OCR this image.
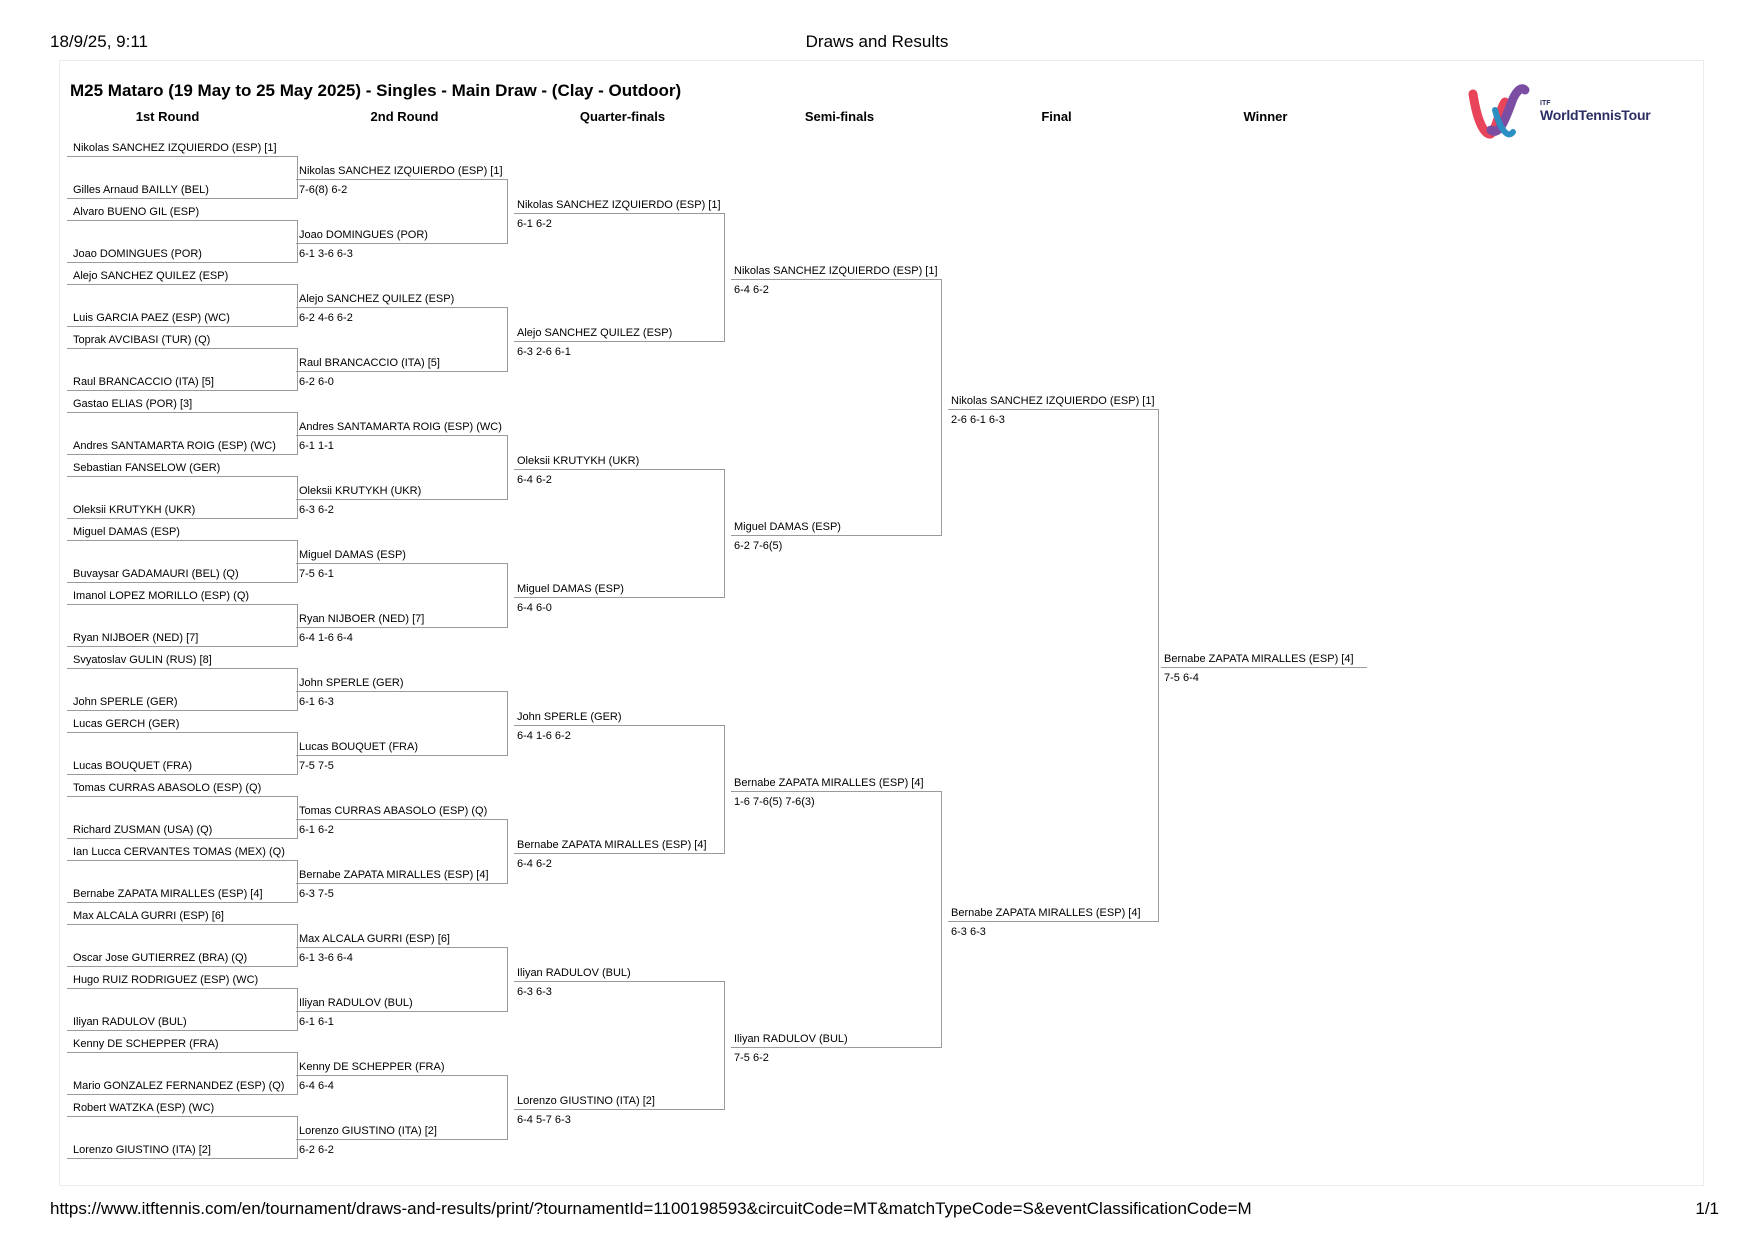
18/9/25, 9:11	Draws and Results
M25 Mataro (19 May to 25 May 2025) - Singles - Main Draw - (Clay - Outdoor)
1st Round	2nd Round	Quarter-finals	Semi-finals	Final	Winner
ITF
WorldTennisTour
Nikolas SANCHEZ IZQUIERDO (ESP) [1]
Gilles Arnaud BAILLY (BEL)
Alvaro BUENO GIL (ESP)
Joao DOMINGUES (POR)
Alejo SANCHEZ QUILEZ (ESP)
Luis GARCIA PAEZ (ESP) (WC)
Toprak AVCIBASI (TUR) (Q)
Raul BRANCACCIO (ITA) [5]
Gastao ELIAS (POR) [3]
Andres SANTAMARTA ROIG (ESP) (WC)
Sebastian FANSELOW (GER)
Oleksii KRUTYKH (UKR)
Miguel DAMAS (ESP)
Buvaysar GADAMAURI (BEL) (Q)
Imanol LOPEZ MORILLO (ESP) (Q)
Ryan NIJBOER (NED) [7]
Svyatoslav GULIN (RUS) [8]
John SPERLE (GER)
Lucas GERCH (GER)
Lucas BOUQUET (FRA)
Tomas CURRAS ABASOLO (ESP) (Q)
Richard ZUSMAN (USA) (Q)
Ian Lucca CERVANTES TOMAS (MEX) (Q)
Bernabe ZAPATA MIRALLES (ESP) [4]
Max ALCALA GURRI (ESP) [6]
Oscar Jose GUTIERREZ (BRA) (Q)
Hugo RUIZ RODRIGUEZ (ESP) (WC)
Iliyan RADULOV (BUL)
Kenny DE SCHEPPER (FRA)
Mario GONZALEZ FERNANDEZ (ESP) (Q)
Robert WATZKA (ESP) (WC)
Lorenzo GIUSTINO (ITA) [2]
Nikolas SANCHEZ IZQUIERDO (ESP) [1]
7-6(8) 6-2
Joao DOMINGUES (POR)
6-1 3-6 6-3
Alejo SANCHEZ QUILEZ (ESP)
6-2 4-6 6-2
Raul BRANCACCIO (ITA) [5]
6-2 6-0
Andres SANTAMARTA ROIG (ESP) (WC)
6-1 1-1
Oleksii KRUTYKH (UKR)
6-3 6-2
Miguel DAMAS (ESP)
7-5 6-1
Ryan NIJBOER (NED) [7]
6-4 1-6 6-4
John SPERLE (GER)
6-1 6-3
Lucas BOUQUET (FRA)
7-5 7-5
Tomas CURRAS ABASOLO (ESP) (Q)
6-1 6-2
Bernabe ZAPATA MIRALLES (ESP) [4]
6-3 7-5
Max ALCALA GURRI (ESP) [6]
6-1 3-6 6-4
Iliyan RADULOV (BUL)
6-1 6-1
Kenny DE SCHEPPER (FRA)
6-4 6-4
Lorenzo GIUSTINO (ITA) [2]
6-2 6-2
Nikolas SANCHEZ IZQUIERDO (ESP) [1]
6-1 6-2
Alejo SANCHEZ QUILEZ (ESP)
6-3 2-6 6-1
Oleksii KRUTYKH (UKR)
6-4 6-2
Miguel DAMAS (ESP)
6-4 6-0
John SPERLE (GER)
6-4 1-6 6-2
Bernabe ZAPATA MIRALLES (ESP) [4]
6-4 6-2
Iliyan RADULOV (BUL)
6-3 6-3
Lorenzo GIUSTINO (ITA) [2]
6-4 5-7 6-3
Nikolas SANCHEZ IZQUIERDO (ESP) [1]
6-4 6-2
Miguel DAMAS (ESP)
6-2 7-6(5)
Bernabe ZAPATA MIRALLES (ESP) [4]
1-6 7-6(5) 7-6(3)
Iliyan RADULOV (BUL)
7-5 6-2
Nikolas SANCHEZ IZQUIERDO (ESP) [1]
2-6 6-1 6-3
Bernabe ZAPATA MIRALLES (ESP) [4]
6-3 6-3
Bernabe ZAPATA MIRALLES (ESP) [4]
7-5 6-4
https://www.itftennis.com/en/tournament/draws-and-results/print/?tournamentId=1100198593&circuitCode=MT&matchTypeCode=S&eventClassificationCode=M	1/1
